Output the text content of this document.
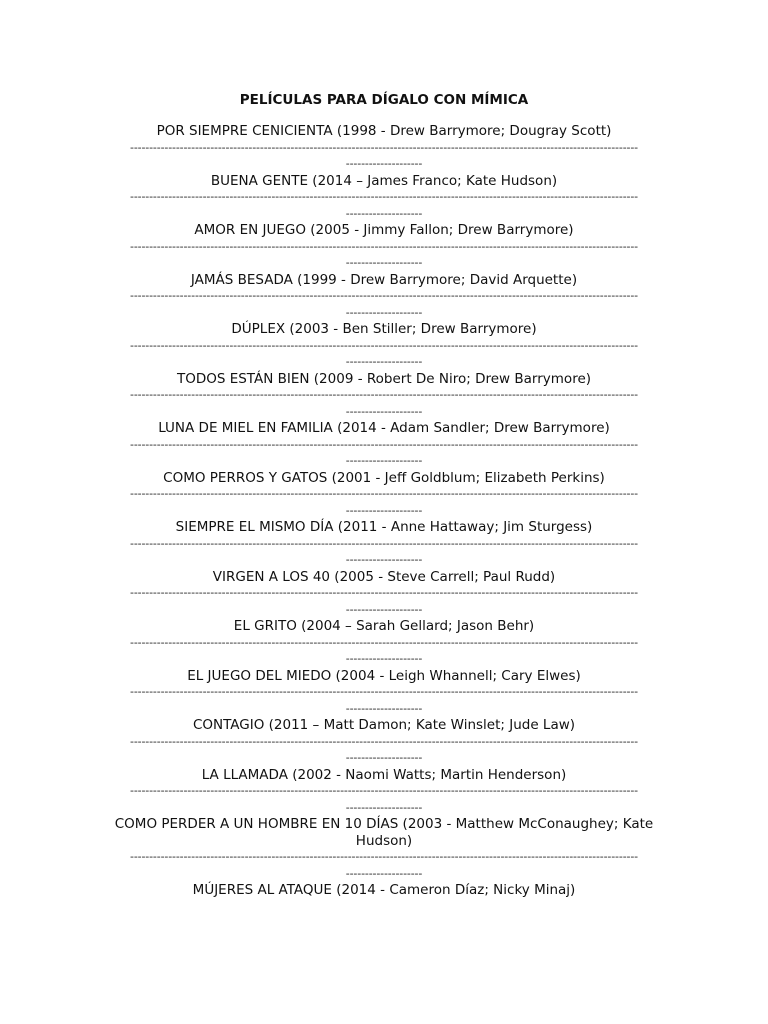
PELÍCULAS PARA DÍGALO CON MÍMICA
POR SIEMPRE CENICIENTA (1998 - Drew Barrymore; Dougray Scott)
-------------------------------------------------------------------------------------------------------------------------------------
--------------------
BUENA GENTE (2014 – James Franco; Kate Hudson)
-------------------------------------------------------------------------------------------------------------------------------------
--------------------
AMOR EN JUEGO (2005 - Jimmy Fallon; Drew Barrymore)
-------------------------------------------------------------------------------------------------------------------------------------
--------------------
JAMÁS BESADA (1999 - Drew Barrymore; David Arquette)
-------------------------------------------------------------------------------------------------------------------------------------
--------------------
DÚPLEX (2003 - Ben Stiller; Drew Barrymore)
-------------------------------------------------------------------------------------------------------------------------------------
--------------------
TODOS ESTÁN BIEN (2009 - Robert De Niro; Drew Barrymore)
-------------------------------------------------------------------------------------------------------------------------------------
--------------------
LUNA DE MIEL EN FAMILIA (2014 - Adam Sandler; Drew Barrymore)
-------------------------------------------------------------------------------------------------------------------------------------
--------------------
COMO PERROS Y GATOS (2001 - Jeff Goldblum; Elizabeth Perkins)
-------------------------------------------------------------------------------------------------------------------------------------
--------------------
SIEMPRE EL MISMO DÍA (2011 - Anne Hattaway; Jim Sturgess)
-------------------------------------------------------------------------------------------------------------------------------------
--------------------
VIRGEN A LOS 40 (2005 - Steve Carrell; Paul Rudd)
-------------------------------------------------------------------------------------------------------------------------------------
--------------------
EL GRITO (2004 – Sarah Gellard; Jason Behr)
-------------------------------------------------------------------------------------------------------------------------------------
--------------------
EL JUEGO DEL MIEDO (2004 - Leigh Whannell; Cary Elwes)
-------------------------------------------------------------------------------------------------------------------------------------
--------------------
CONTAGIO (2011 – Matt Damon; Kate Winslet; Jude Law)
-------------------------------------------------------------------------------------------------------------------------------------
--------------------
LA LLAMADA (2002 - Naomi Watts; Martin Henderson)
-------------------------------------------------------------------------------------------------------------------------------------
--------------------
COMO PERDER A UN HOMBRE EN 10 DÍAS (2003 - Matthew McConaughey; Kate Hudson)
-------------------------------------------------------------------------------------------------------------------------------------
--------------------
MÚJERES AL ATAQUE (2014 - Cameron Díaz; Nicky Minaj)
